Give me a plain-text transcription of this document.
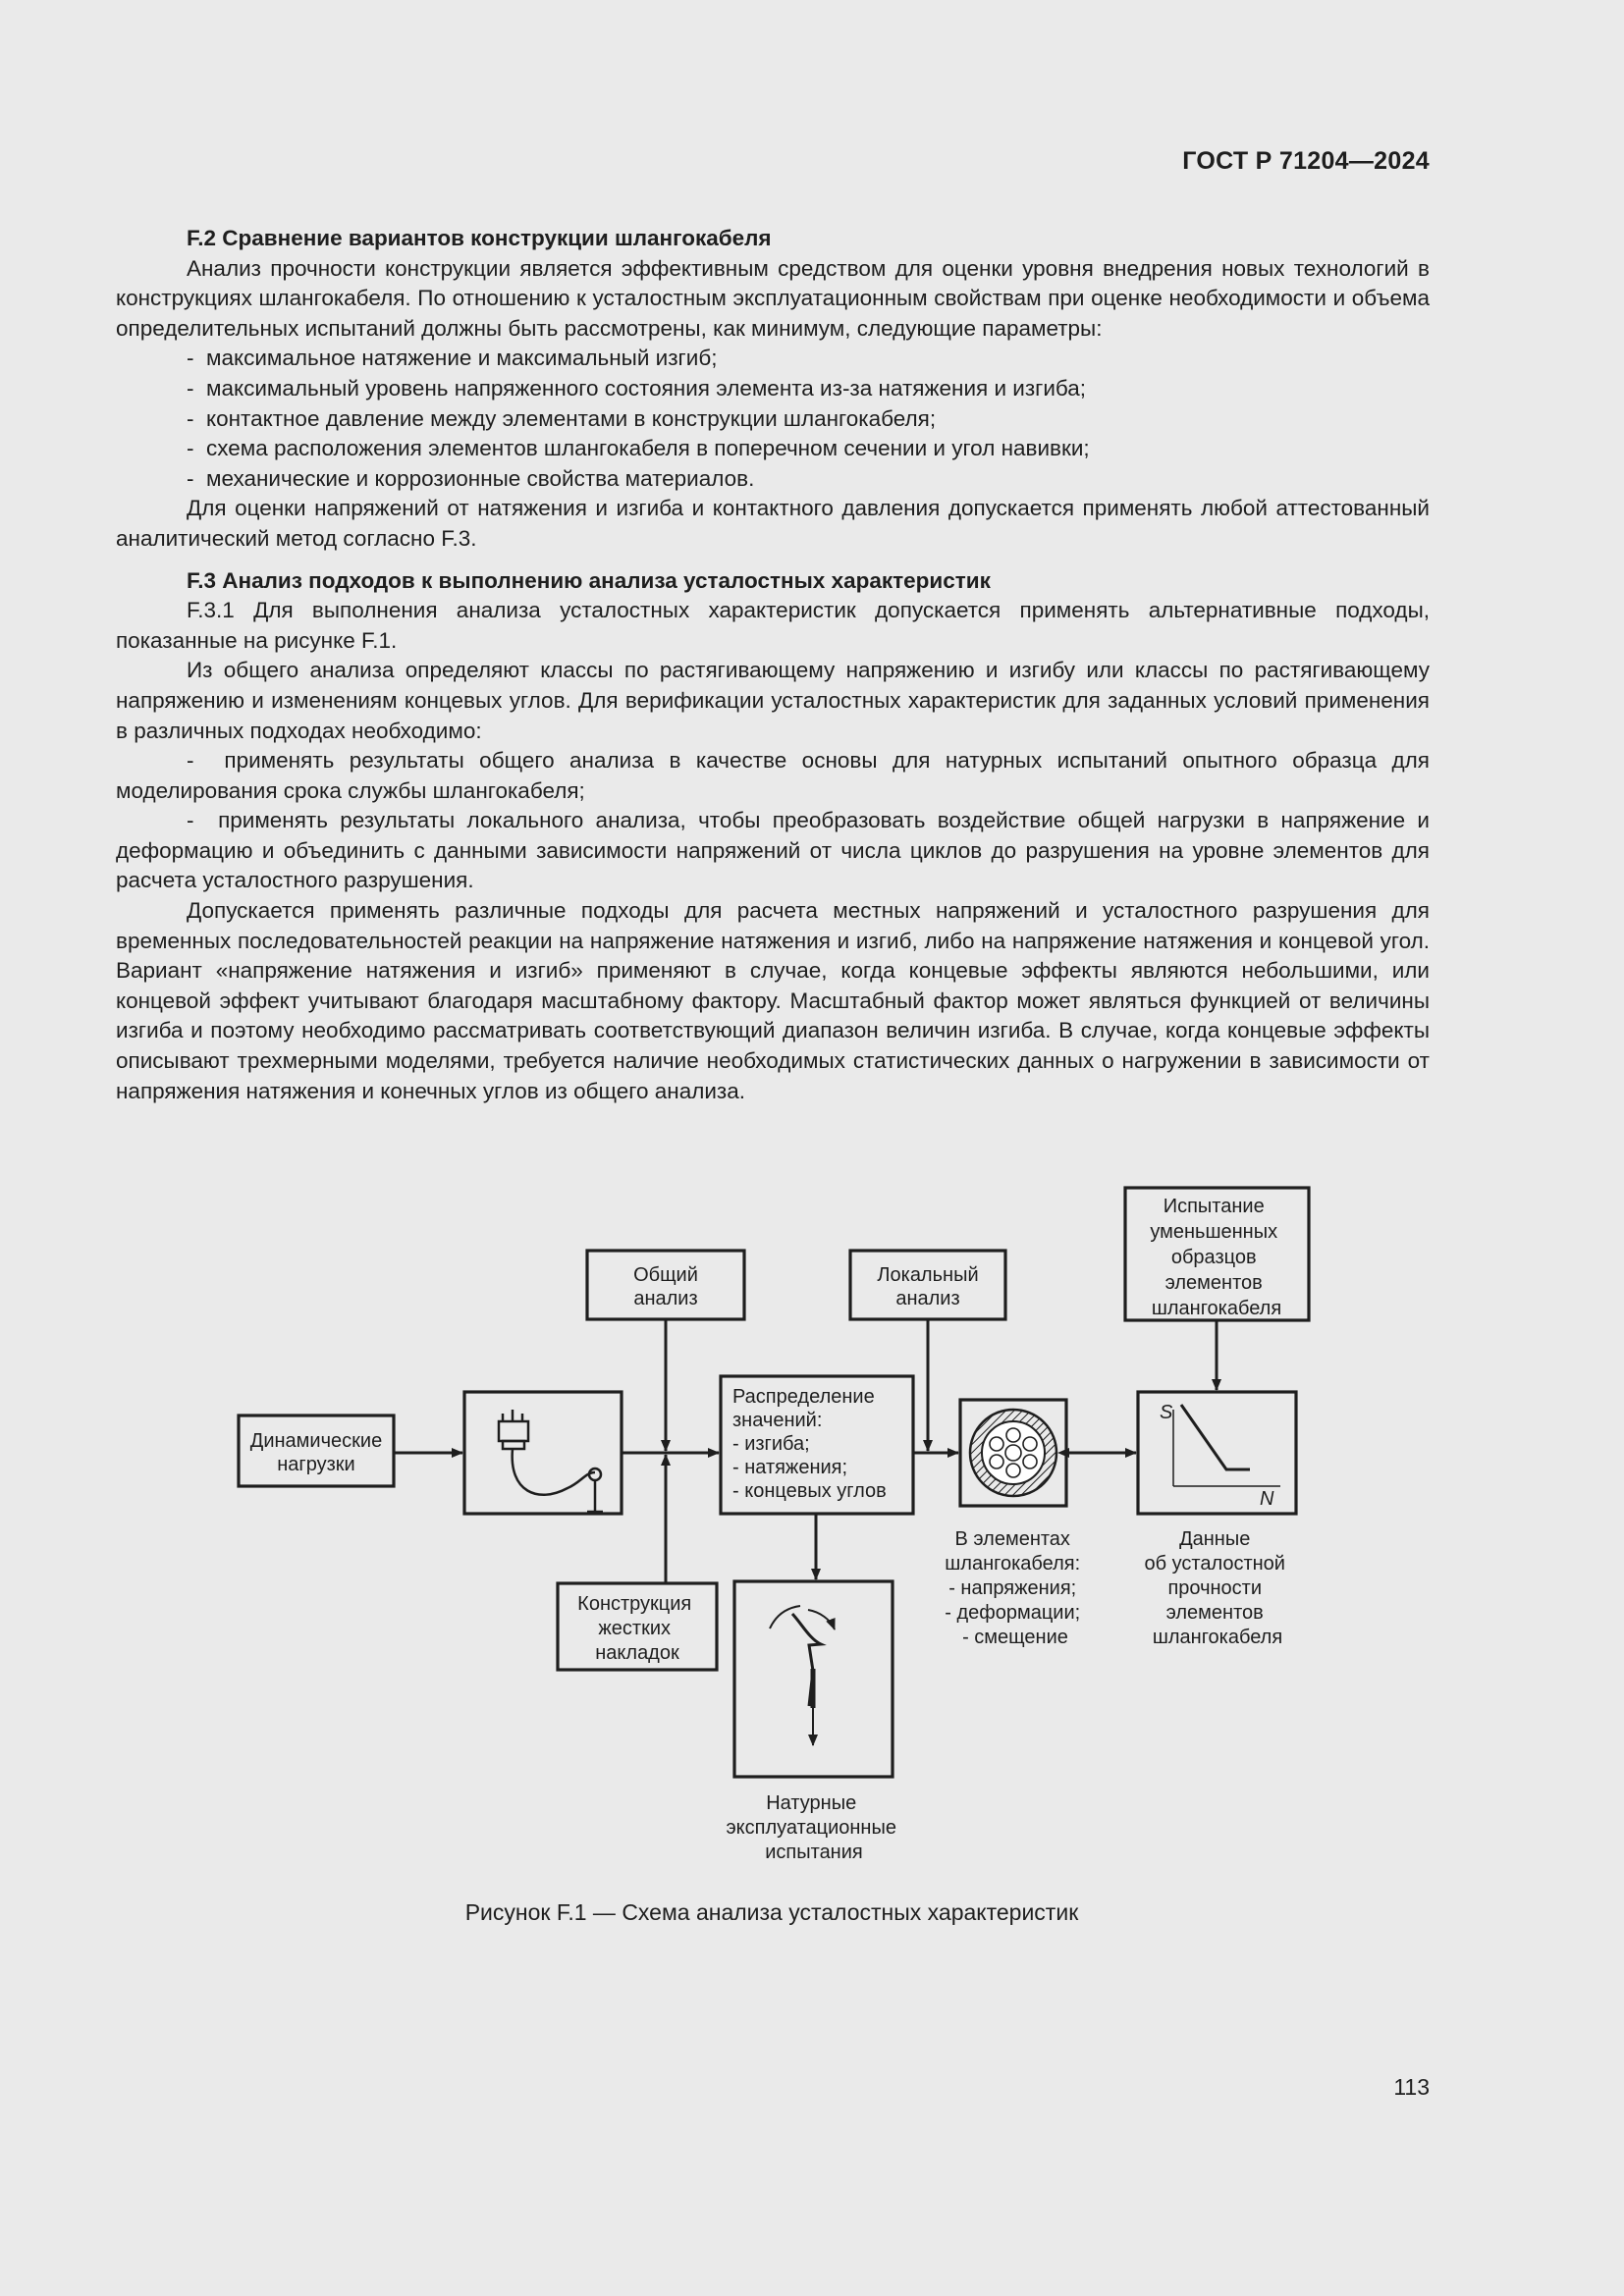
ГОСТ Р 71204—2024

F.2 Сравнение вариантов конструкции шлангокабеля

Анализ прочности конструкции является эффективным средством для оценки уровня внедрения новых технологий в конструкциях шлангокабеля. По отношению к усталостным эксплуатационным свойствам при оценке необходимости и объема определительных испытаний должны быть рассмотрены, как минимум, следующие параметры:

-  максимальное натяжение и максимальный изгиб;
-  максимальный уровень напряженного состояния элемента из-за натяжения и изгиба;
-  контактное давление между элементами в конструкции шлангокабеля;
-  схема расположения элементов шлангокабеля в поперечном сечении и угол навивки;
-  механические и коррозионные свойства материалов.

Для оценки напряжений от натяжения и изгиба и контактного давления допускается применять любой аттестованный аналитический метод согласно F.3.

F.3 Анализ подходов к выполнению анализа усталостных характеристик

F.3.1 Для выполнения анализа усталостных характеристик допускается применять альтернативные подходы, показанные на рисунке F.1.

Из общего анализа определяют классы по растягивающему напряжению и изгибу или классы по растягивающему напряжению и изменениям концевых углов. Для верификации усталостных характеристик для заданных условий применения в различных подходах необходимо:

-  применять результаты общего анализа в качестве основы для натурных испытаний опытного образца для моделирования срока службы шлангокабеля;

-  применять результаты локального анализа, чтобы преобразовать воздействие общей нагрузки в напряжение и деформацию и объединить с данными зависимости напряжений от числа циклов до разрушения на уровне элементов для расчета усталостного разрушения.

Допускается применять различные подходы для расчета местных напряжений и усталостного разрушения для временных последовательностей реакции на напряжение натяжения и изгиб, либо на напряжение натяжения и концевой угол. Вариант «напряжение натяжения и изгиб» применяют в случае, когда концевые эффекты являются небольшими, или концевой эффект учитывают благодаря масштабному фактору. Масштабный фактор может являться функцией от величины изгиба и поэтому необходимо рассматривать соответствующий диапазон величин изгиба. В случае, когда концевые эффекты описывают трехмерными моделями, требуется наличие необходимых статистических данных о нагружении в зависимости от напряжения натяжения и конечных углов из общего анализа.

S
N
Динамические нагрузки
Общий анализ
Локальный анализ
Испытание уменьшенных образцов элементов шлангокабеля
Конструкция жестких накладок
В элементах шлангокабеля: - напряжения; - деформации; - смещение
Данные об усталостной прочности элементов шлангокабеля
Натурные эксплуатационные испытания
Распределение значений: - изгиба; - натяжения; - концевых углов
Рисунок F.1 — Схема анализа усталостных характеристик
113
